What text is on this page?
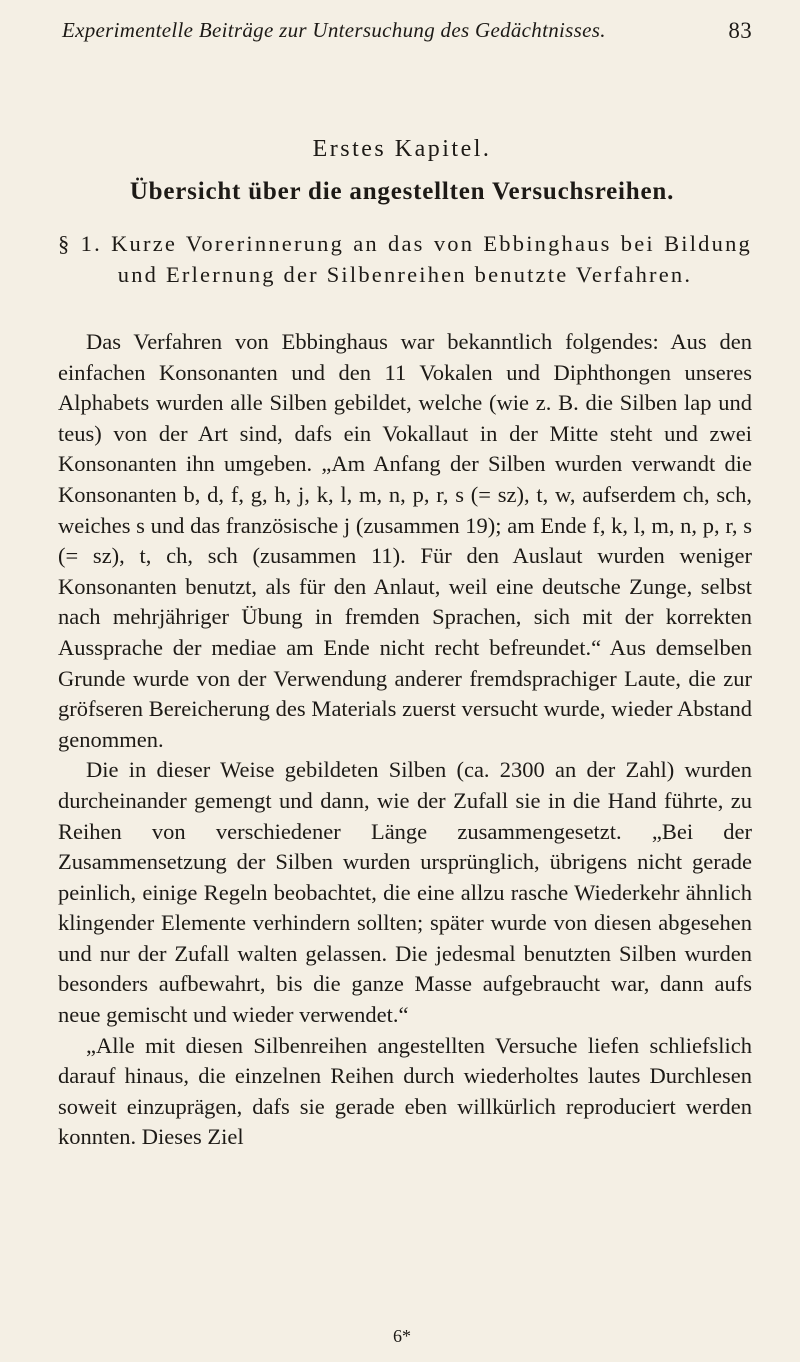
Experimentelle Beiträge zur Untersuchung des Gedächtnisses.	83
Erstes Kapitel.
Übersicht über die angestellten Versuchsreihen.
§ 1. Kurze Vorerinnerung an das von Ebbinghaus bei Bildung und Erlernung der Silbenreihen benutzte Verfahren.

Das Verfahren von Ebbinghaus war bekanntlich folgendes: Aus den einfachen Konsonanten und den 11 Vokalen und Diphthongen unseres Alphabets wurden alle Silben gebildet, welche (wie z. B. die Silben lap und teus) von der Art sind, dafs ein Vokallaut in der Mitte steht und zwei Konsonanten ihn umgeben. „Am Anfang der Silben wurden verwandt die Konsonanten b, d, f, g, h, j, k, l, m, n, p, r, s (= sz), t, w, aufserdem ch, sch, weiches s und das französische j (zusammen 19); am Ende f, k, l, m, n, p, r, s (= sz), t, ch, sch (zusammen 11). Für den Auslaut wurden weniger Konsonanten benutzt, als für den Anlaut, weil eine deutsche Zunge, selbst nach mehrjähriger Übung in fremden Sprachen, sich mit der korrekten Aussprache der mediae am Ende nicht recht befreundet.“ Aus demselben Grunde wurde von der Verwendung anderer fremdsprachiger Laute, die zur gröfseren Bereicherung des Materials zuerst versucht wurde, wieder Abstand genommen.

Die in dieser Weise gebildeten Silben (ca. 2300 an der Zahl) wurden durcheinander gemengt und dann, wie der Zufall sie in die Hand führte, zu Reihen von verschiedener Länge zusammengesetzt. „Bei der Zusammensetzung der Silben wurden ursprünglich, übrigens nicht gerade peinlich, einige Regeln beobachtet, die eine allzu rasche Wiederkehr ähnlich klingender Elemente verhindern sollten; später wurde von diesen abgesehen und nur der Zufall walten gelassen. Die jedesmal benutzten Silben wurden besonders aufbewahrt, bis die ganze Masse aufgebraucht war, dann aufs neue gemischt und wieder verwendet.“

„Alle mit diesen Silbenreihen angestellten Versuche liefen schliefslich darauf hinaus, die einzelnen Reihen durch wiederholtes lautes Durchlesen soweit einzuprägen, dafs sie gerade eben willkürlich reproduciert werden konnten. Dieses Ziel

6*
